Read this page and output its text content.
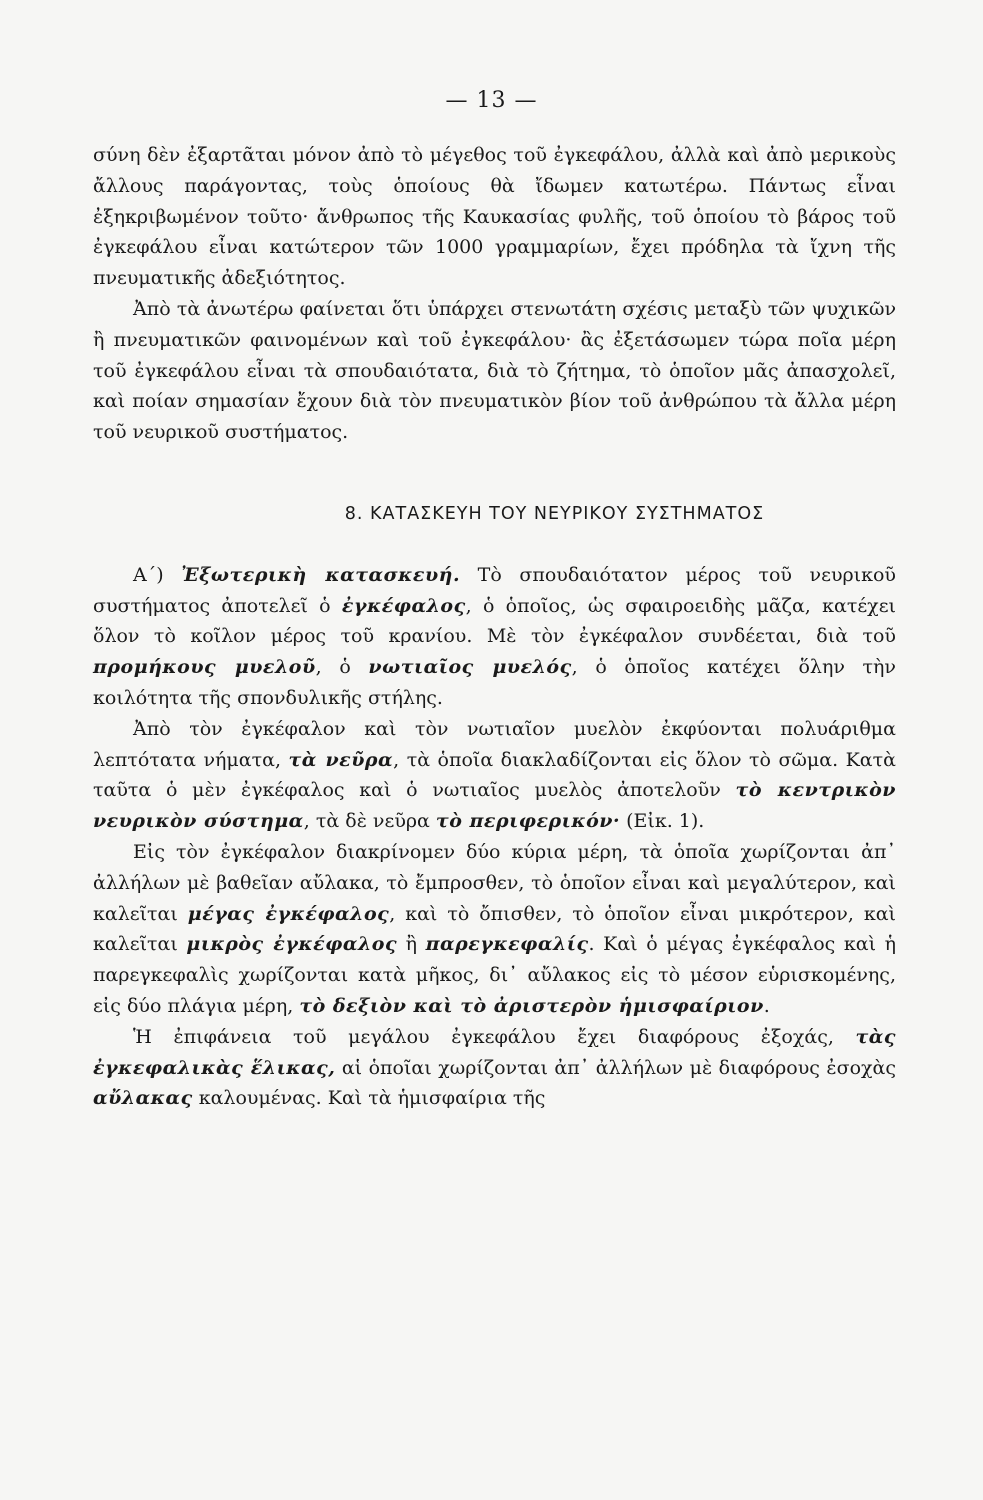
— 13 —

σύνη δὲν ἐξαρτᾶται μόνον ἀπὸ τὸ μέγεθος τοῦ ἐγκεφάλου, ἀλλὰ καὶ ἀπὸ μερικοὺς ἄλλους παράγοντας, τοὺς ὁποίους θὰ ἴδωμεν κατωτέρω. Πάντως εἶναι ἐξηκριβωμένον τοῦτο· ἄνθρωπος τῆς Καυκασίας φυλῆς, τοῦ ὁποίου τὸ βάρος τοῦ ἐγκεφάλου εἶναι κατώτερον τῶν 1000 γραμμαρίων, ἔχει πρόδηλα τὰ ἴχνη τῆς πνευματικῆς ἀδεξιότητος.

Ἀπὸ τὰ ἀνωτέρω φαίνεται ὅτι ὑπάρχει στενωτάτη σχέσις μεταξὺ τῶν ψυχικῶν ἢ πνευματικῶν φαινομένων καὶ τοῦ ἐγκεφάλου· ἂς ἐξετάσωμεν τώρα ποῖα μέρη τοῦ ἐγκεφάλου εἶναι τὰ σπουδαιότατα, διὰ τὸ ζήτημα, τὸ ὁποῖον μᾶς ἀπασχολεῖ, καὶ ποίαν σημασίαν ἔχουν διὰ τὸν πνευματικὸν βίον τοῦ ἀνθρώπου τὰ ἄλλα μέρη τοῦ νευρικοῦ συστήματος.

8. ΚΑΤΑΣΚΕΥΗ ΤΟΥ ΝΕΥΡΙΚΟΥ ΣΥΣΤΗΜΑΤΟΣ

Α΄) Ἐξωτερικὴ κατασκευή. Τὸ σπουδαιότατον μέρος τοῦ νευρικοῦ συστήματος ἀποτελεῖ ὁ ἐγκέφαλος, ὁ ὁποῖος, ὡς σφαιροειδὴς μᾶζα, κατέχει ὅλον τὸ κοῖλον μέρος τοῦ κρανίου. Μὲ τὸν ἐγκέφαλον συνδέεται, διὰ τοῦ προμήκους μυελοῦ, ὁ νωτιαῖος μυελός, ὁ ὁποῖος κατέχει ὅλην τὴν κοιλότητα τῆς σπονδυλικῆς στήλης.

Ἀπὸ τὸν ἐγκέφαλον καὶ τὸν νωτιαῖον μυελὸν ἐκφύονται πολυάριθμα λεπτότατα νήματα, τὰ νεῦρα, τὰ ὁποῖα διακλαδίζονται εἰς ὅλον τὸ σῶμα. Κατὰ ταῦτα ὁ μὲν ἐγκέφαλος καὶ ὁ νωτιαῖος μυελὸς ἀποτελοῦν τὸ κεντρικὸν νευρικὸν σύστημα, τὰ δὲ νεῦρα τὸ περιφερικόν· (Εἰκ. 1).

Εἰς τὸν ἐγκέφαλον διακρίνομεν δύο κύρια μέρη, τὰ ὁποῖα χωρίζονται ἀπ᾽ ἀλλήλων μὲ βαθεῖαν αὔλακα, τὸ ἔμπροσθεν, τὸ ὁποῖον εἶναι καὶ μεγαλύτερον, καὶ καλεῖται μέγας ἐγκέφαλος, καὶ τὸ ὄπισθεν, τὸ ὁποῖον εἶναι μικρότερον, καὶ καλεῖται μικρὸς ἐγκέφαλος ἢ παρεγκεφαλίς. Καὶ ὁ μέγας ἐγκέφαλος καὶ ἡ παρεγκεφαλὶς χωρίζονται κατὰ μῆκος, δι᾽ αὔλακος εἰς τὸ μέσον εὑρισκομένης, εἰς δύο πλάγια μέρη, τὸ δεξιὸν καὶ τὸ ἀριστερὸν ἡμισφαίριον.

Ἡ ἐπιφάνεια τοῦ μεγάλου ἐγκεφάλου ἔχει διαφόρους ἐξοχάς, τὰς ἐγκεφαλικὰς ἕλικας, αἱ ὁποῖαι χωρίζονται ἀπ᾽ ἀλλήλων μὲ διαφόρους ἐσοχὰς αὔλακας καλουμένας. Καὶ τὰ ἡμισφαίρια τῆς
